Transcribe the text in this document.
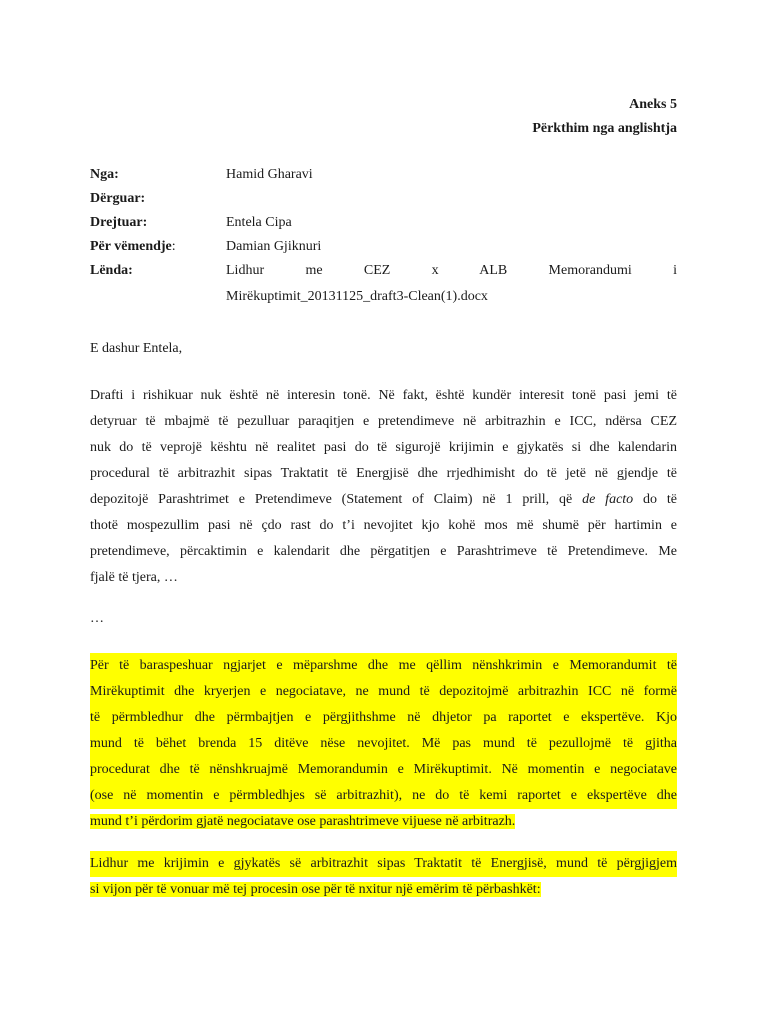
Aneks 5
Përkthim nga anglishtja
Nga:	Hamid Gharavi
Dërguar:
Drejtuar:	Entela Cipa
Për vëmendje:	Damian Gjiknuri
Lënda:	Lidhur me CEZ x ALB Memorandumi i
Mirëkuptimit_20131125_draft3-Clean(1).docx
E dashur Entela,
Drafti i rishikuar nuk është në interesin tonë. Në fakt, është kundër interesit tonë pasi jemi të
detyruar të mbajmë të pezulluar paraqitjen e pretendimeve në arbitrazhin e ICC, ndërsa CEZ
nuk do të veprojë kështu në realitet pasi do të sigurojë krijimin e gjykatës si dhe kalendarin
procedural të arbitrazhit sipas Traktatit të Energjisë dhe rrjedhimisht do të jetë në gjendje të
depozitojë Parashtrimet e Pretendimeve (Statement of Claim) në 1 prill, që de facto do të
thotë mospezullim pasi në çdo rast do t’i nevojitet kjo kohë mos më shumë për hartimin e
pretendimeve, përcaktimin e kalendarit dhe përgatitjen e Parashtrimeve të Pretendimeve. Me
fjalë të tjera, …
…
Për të baraspeshuar ngjarjet e mëparshme dhe me qëllim nënshkrimin e Memorandumit të
Mirëkuptimit dhe kryerjen e negociatave, ne mund të depozitojmë arbitrazhin ICC në formë
të përmbledhur dhe përmbajtjen e përgjithshme në dhjetor pa raportet e ekspertëve. Kjo
mund të bëhet brenda 15 ditëve nëse nevojitet. Më pas mund të pezullojmë të gjitha
procedurat dhe të nënshkruajmë Memorandumin e Mirëkuptimit. Në momentin e negociatave
(ose në momentin e përmbledhjes së arbitrazhit), ne do të kemi raportet e ekspertëve dhe
mund t’i përdorim gjatë negociatave ose parashtrimeve vijuese në arbitrazh.
Lidhur me krijimin e gjykatës së arbitrazhit sipas Traktatit të Energjisë, mund të përgjigjem
si vijon për të vonuar më tej procesin ose për të nxitur një emërim të përbashkët:
